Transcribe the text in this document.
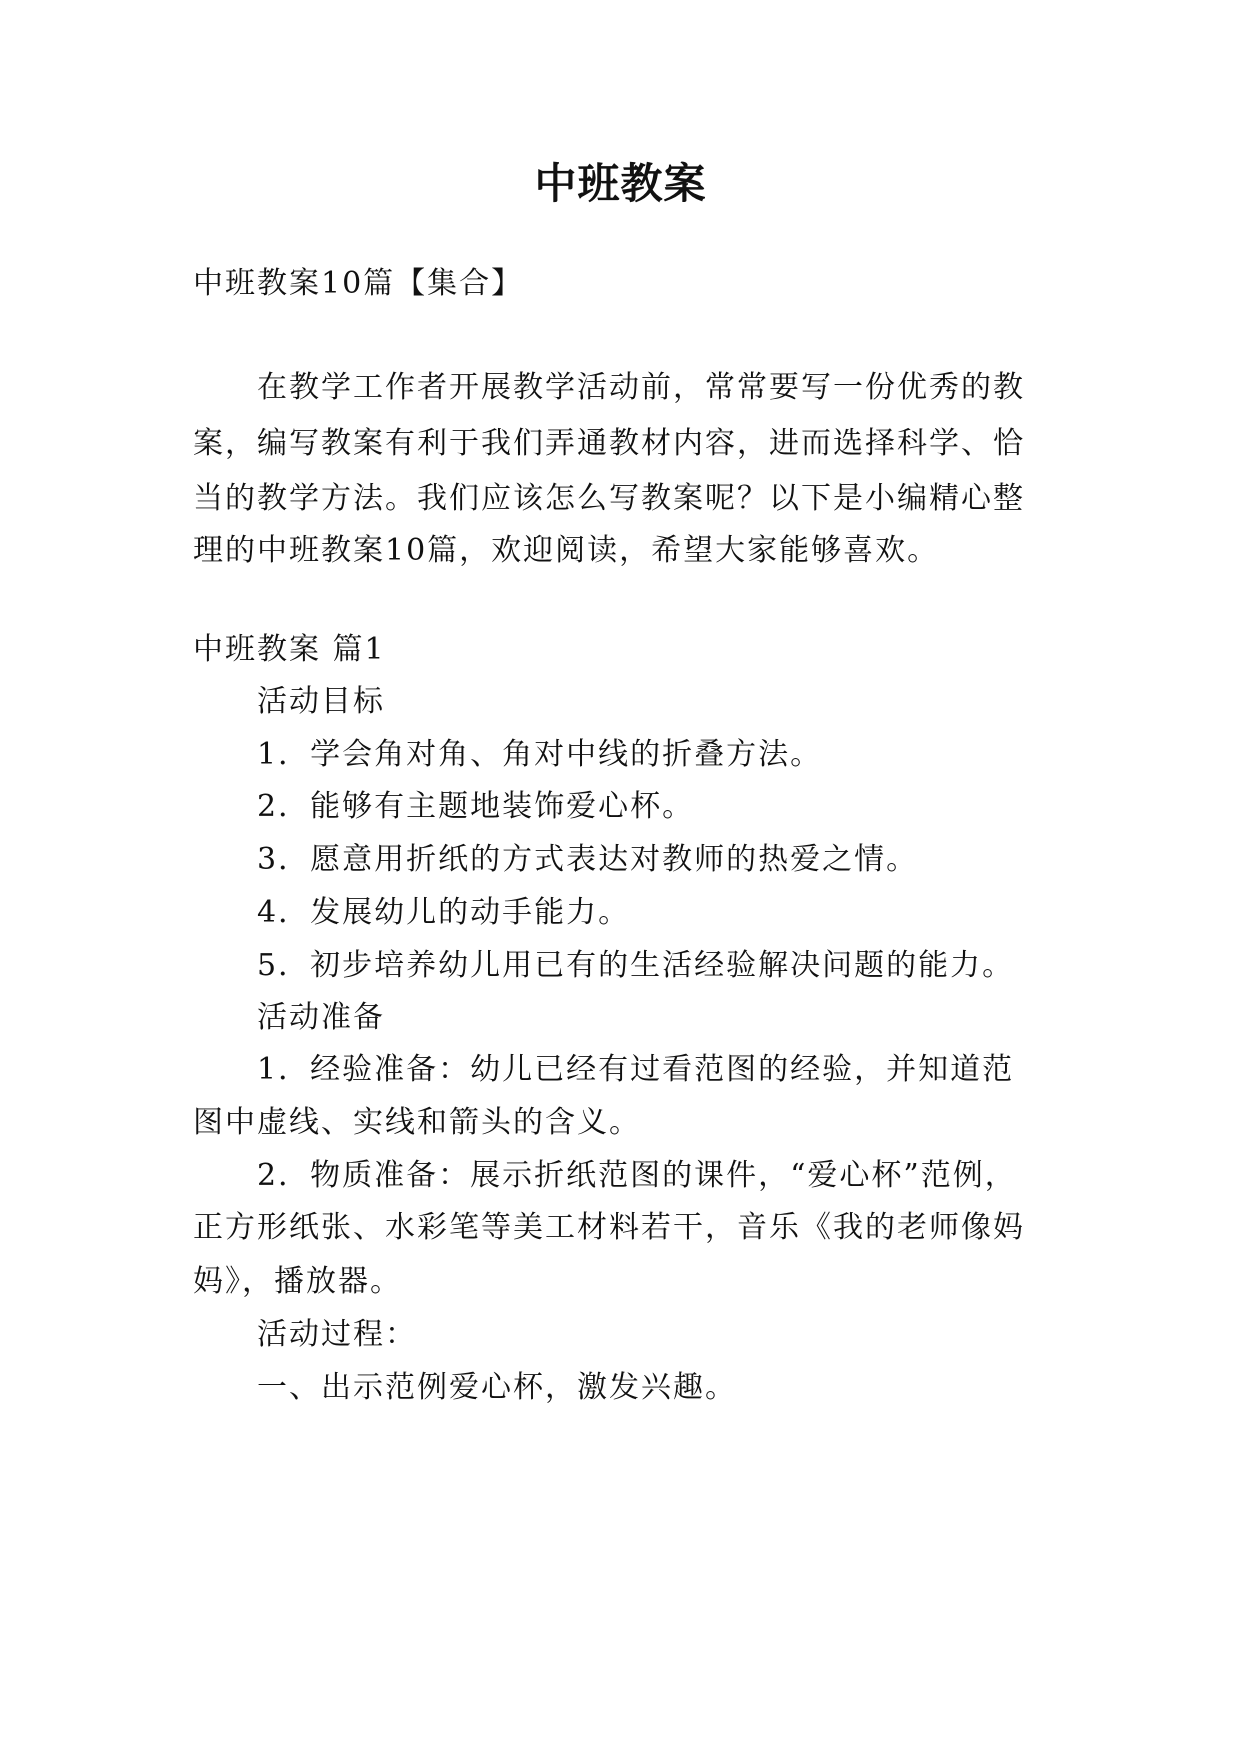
中班教案
中班教案10篇【集合】
在教学工作者开展教学活动前，常常要写一份优秀的教
案，编写教案有利于我们弄通教材内容，进而选择科学、恰
当的教学方法。我们应该怎么写教案呢？以下是小编精心整
理的中班教案10篇，欢迎阅读，希望大家能够喜欢。
中班教案 篇1
活动目标
1．学会角对角、角对中线的折叠方法。
2．能够有主题地装饰爱心杯。
3．愿意用折纸的方式表达对教师的热爱之情。
4．发展幼儿的动手能力。
5．初步培养幼儿用已有的生活经验解决问题的能力。
活动准备
1．经验准备：幼儿已经有过看范图的经验，并知道范
图中虚线、实线和箭头的含义。
2．物质准备：展示折纸范图的课件，“爱心杯”范例，
正方形纸张、水彩笔等美工材料若干，音乐《我的老师像妈
妈》，播放器。
活动过程：
一、出示范例爱心杯，激发兴趣。
